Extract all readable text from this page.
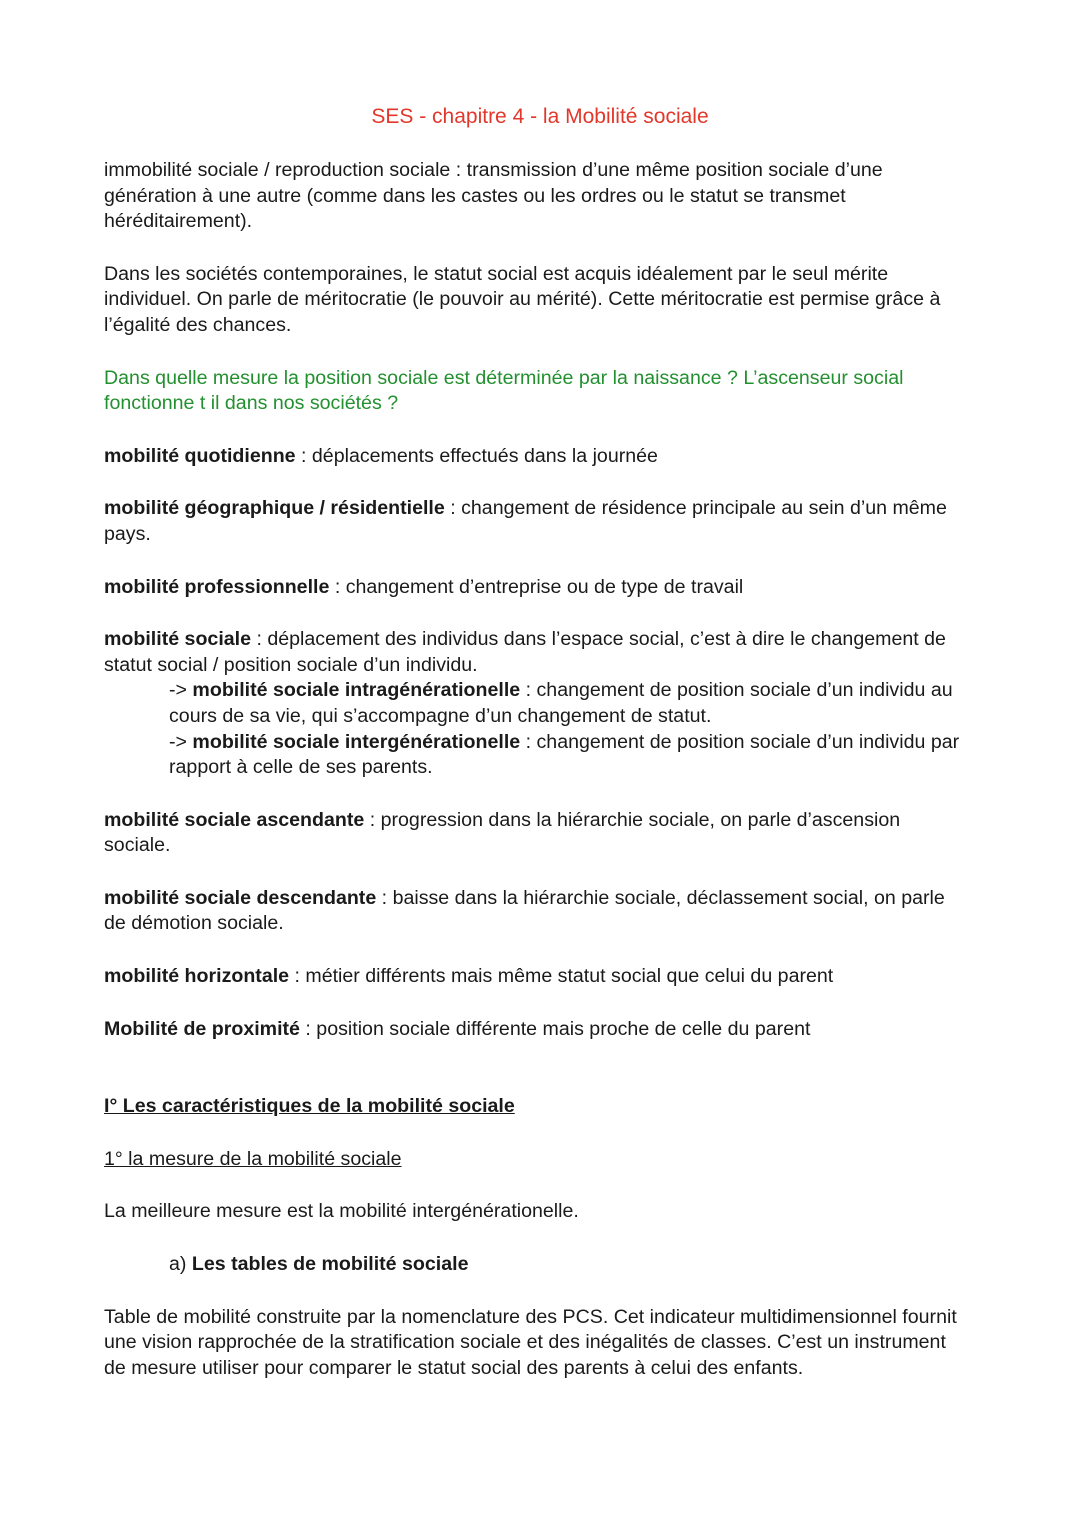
SES - chapitre 4 - la Mobilité sociale

immobilité sociale / reproduction sociale : transmission d’une même position sociale d’une génération à une autre (comme dans les castes ou les ordres ou le statut se transmet héréditairement).

Dans les sociétés contemporaines, le statut social est acquis idéalement par le seul mérite individuel. On parle de méritocratie (le pouvoir au mérité). Cette méritocratie est permise grâce à l’égalité des chances.

Dans quelle mesure la position sociale est déterminée par la naissance ? L’ascenseur social fonctionne t il dans nos sociétés ?

mobilité quotidienne : déplacements effectués dans la journée

mobilité géographique / résidentielle : changement de résidence principale au sein d’un même pays.

mobilité professionnelle : changement d’entreprise ou de type de travail

mobilité sociale : déplacement des individus dans l’espace social, c’est à dire le changement de statut social / position sociale d’un individu.

-> mobilité sociale intragénérationelle : changement de position sociale d’un individu au cours de sa vie, qui s’accompagne d’un changement de statut.

-> mobilité sociale intergénérationelle : changement de position sociale d’un individu par rapport à celle de ses parents.

mobilité sociale ascendante : progression dans la hiérarchie sociale, on parle d’ascension sociale.

mobilité sociale descendante : baisse dans la hiérarchie sociale, déclassement social, on parle de démotion sociale.

mobilité horizontale : métier différents mais même statut social que celui du parent

Mobilité de proximité : position sociale différente mais proche de celle du parent

I° Les caractéristiques de la mobilité sociale

1° la mesure de la mobilité sociale

La meilleure mesure est la mobilité intergénérationelle.

a) Les tables de mobilité sociale

Table de mobilité construite par la nomenclature des PCS. Cet indicateur multidimensionnel fournit une vision rapprochée de la stratification sociale et des inégalités de classes. C’est un instrument de mesure utiliser pour comparer le statut social des parents à celui des enfants.
